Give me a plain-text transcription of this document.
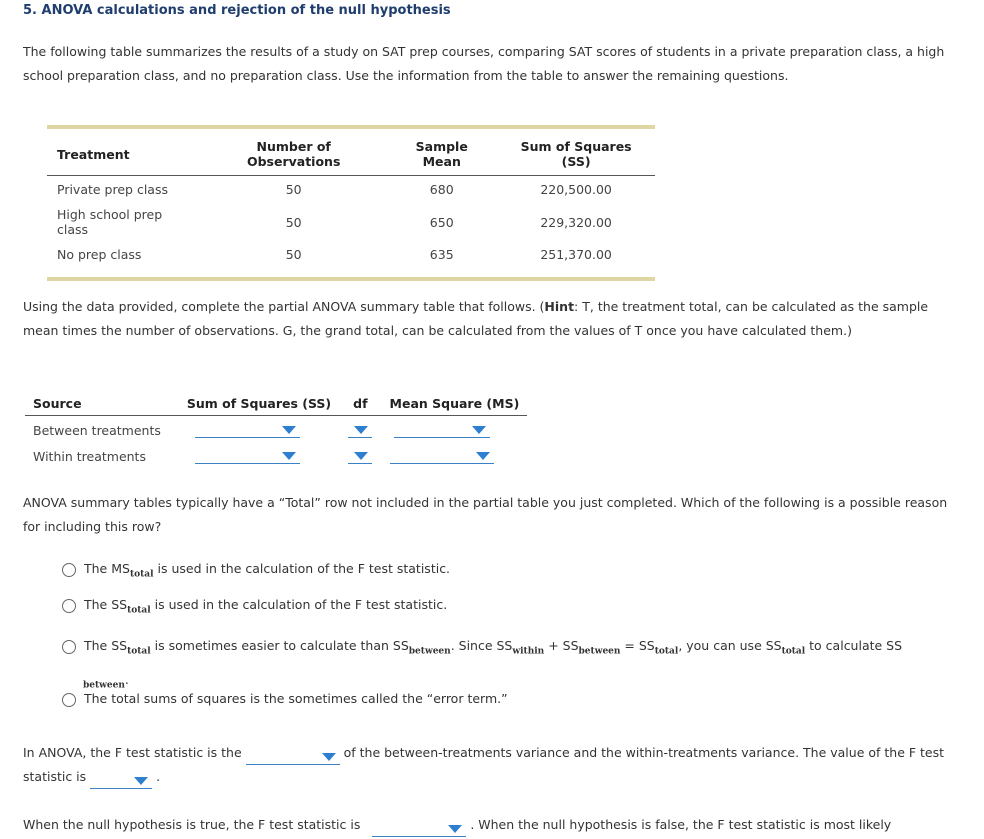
5. ANOVA calculations and rejection of the null hypothesis
The following table summarizes the results of a study on SAT prep courses, comparing SAT scores of students in a private preparation class, a high school preparation class, and no preparation class. Use the information from the table to answer the remaining questions.
Treatment	Number of Observations	Sample Mean	Sum of Squares (SS)
Private prep class	50	680	220,500.00
High school prep class	50	650	229,320.00
No prep class	50	635	251,370.00
Using the data provided, complete the partial ANOVA summary table that follows. (Hint: T, the treatment total, can be calculated as the sample mean times the number of observations. G, the grand total, can be calculated from the values of T once you have calculated them.)
Source	Sum of Squares (SS)	df	Mean Square (MS)
Between treatments			
Within treatments			
ANOVA summary tables typically have a “Total” row not included in the partial table you just completed. Which of the following is a possible reason for including this row?
The $MS_{total}$ is used in the calculation of the F test statistic.
The $SS_{total}$ is used in the calculation of the F test statistic.
The $SS_{total}$ is sometimes easier to calculate than $SS_{between}$. Since $SS_{within} + SS_{between} = SS_{total}$, you can use $SS_{total}$ to calculate SS
$_{between}$.
The total sums of squares is the sometimes called the “error term.”
In ANOVA, the F test statistic is the	of the between-treatments variance and the within-treatments variance. The value of the F test
statistic is	.
When the null hypothesis is true, the F test statistic is	. When the null hypothesis is false, the F test statistic is most likely
